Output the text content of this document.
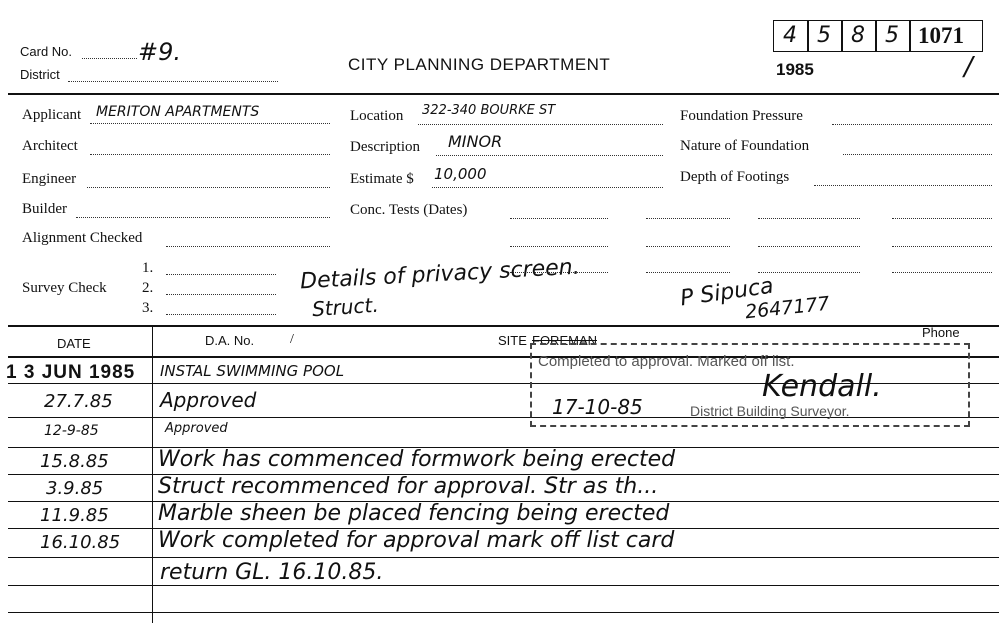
Card No.	#9.
District
CITY PLANNING DEPARTMENT
4 5 8 5 1071
1985	/
Applicant MERITON APARTMENTS
Architect
Engineer
Builder
Alignment Checked
Location 322-340 BOURKE ST
Description MINOR
Estimate $ 10,000
Conc. Tests (Dates)
Foundation Pressure
Nature of Foundation
Depth of Footings
Survey Check
1.
2.
3.
Details of privacy screen.
Struct.	P Sipuca
2647177
DATE	D.A. No.	/	SITE FOREMAN
Phone
Completed to approval. Marked off list.
17-10-85
Kendall.
District Building Surveyor.
1 3 JUN 1985 INSTAL SWIMMING POOL
27.7.85 Approved
12-9-85	Approved
15.8.85 Work has commenced formwork being erected
3.9.85 Struct recommenced for approval. Str as th...
11.9.85 Marble sheen be placed fencing being erected
16.10.85 Work completed for approval mark off list card
return GL. 16.10.85.
